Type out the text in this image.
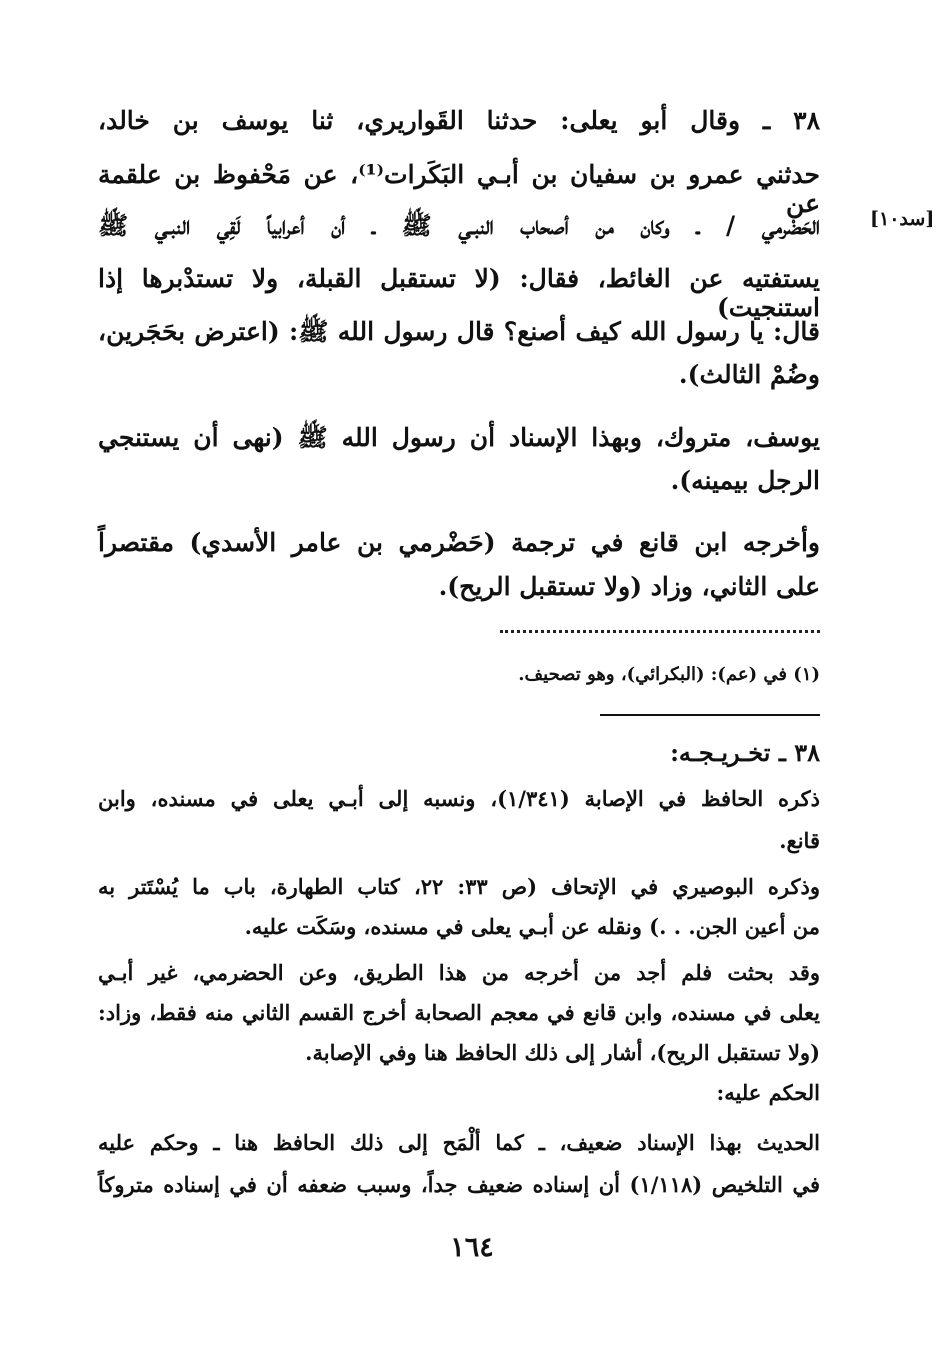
٣٨ ـ وقال أبو يعلى: حدثنا القَواريري، ثنا يوسف بن خالد،
حدثني عمرو بن سفيان بن أبـي البَكَرات⁽¹⁾، عن مَحْفوظ بن علقمة عن
الحَضْرمي / ـ وكان من أصحاب النبـي ﷺ ـ أن أعرابياً لَقِي النبـي ﷺ	[سد١٠]
يستفتيه عن الغائط، فقال: (لا تستقبل القبلة، ولا تستدْبرها إذا استنجيت)
قال: يا رسول الله كيف أصنع؟ قال رسول الله ﷺ: (اعترض بحَجَرين،
وضُمْ الثالث).
يوسف، متروك، وبهذا الإسناد أن رسول الله ﷺ (نهى أن يستنجي
الرجل بيمينه).
وأخرجه ابن قانع في ترجمة (حَضْرمي بن عامر الأسدي) مقتصراً
على الثاني، وزاد (ولا تستقبل الريح).
(١) في (عم): (البكرائي)، وهو تصحيف.
٣٨ ـ تخـريـجـه:
ذكره الحافظ في الإصابة (١/٣٤١)، ونسبه إلى أبـي يعلى في مسنده، وابن
قانع.
وذكره البوصيري في الإتحاف (ص ٣٣: ٢٢، كتاب الطهارة، باب ما يُسْتَتر به
من أعين الجن. . .) ونقله عن أبـي يعلى في مسنده، وسَكَت عليه.
وقد بحثت فلم أجد من أخرجه من هذا الطريق، وعن الحضرمي، غير أبـي
يعلى في مسنده، وابن قانع في معجم الصحابة أخرج القسم الثاني منه فقط، وزاد:
(ولا تستقبل الريح)، أشار إلى ذلك الحافظ هنا وفي الإصابة.
الحكم عليه:
الحديث بهذا الإسناد ضعيف، ـ كما ألْمَح إلى ذلك الحافظ هنا ـ وحكم عليه
في التلخيص (١/١١٨) أن إسناده ضعيف جداً، وسبب ضعفه أن في إسناده متروكاً
١٦٤
